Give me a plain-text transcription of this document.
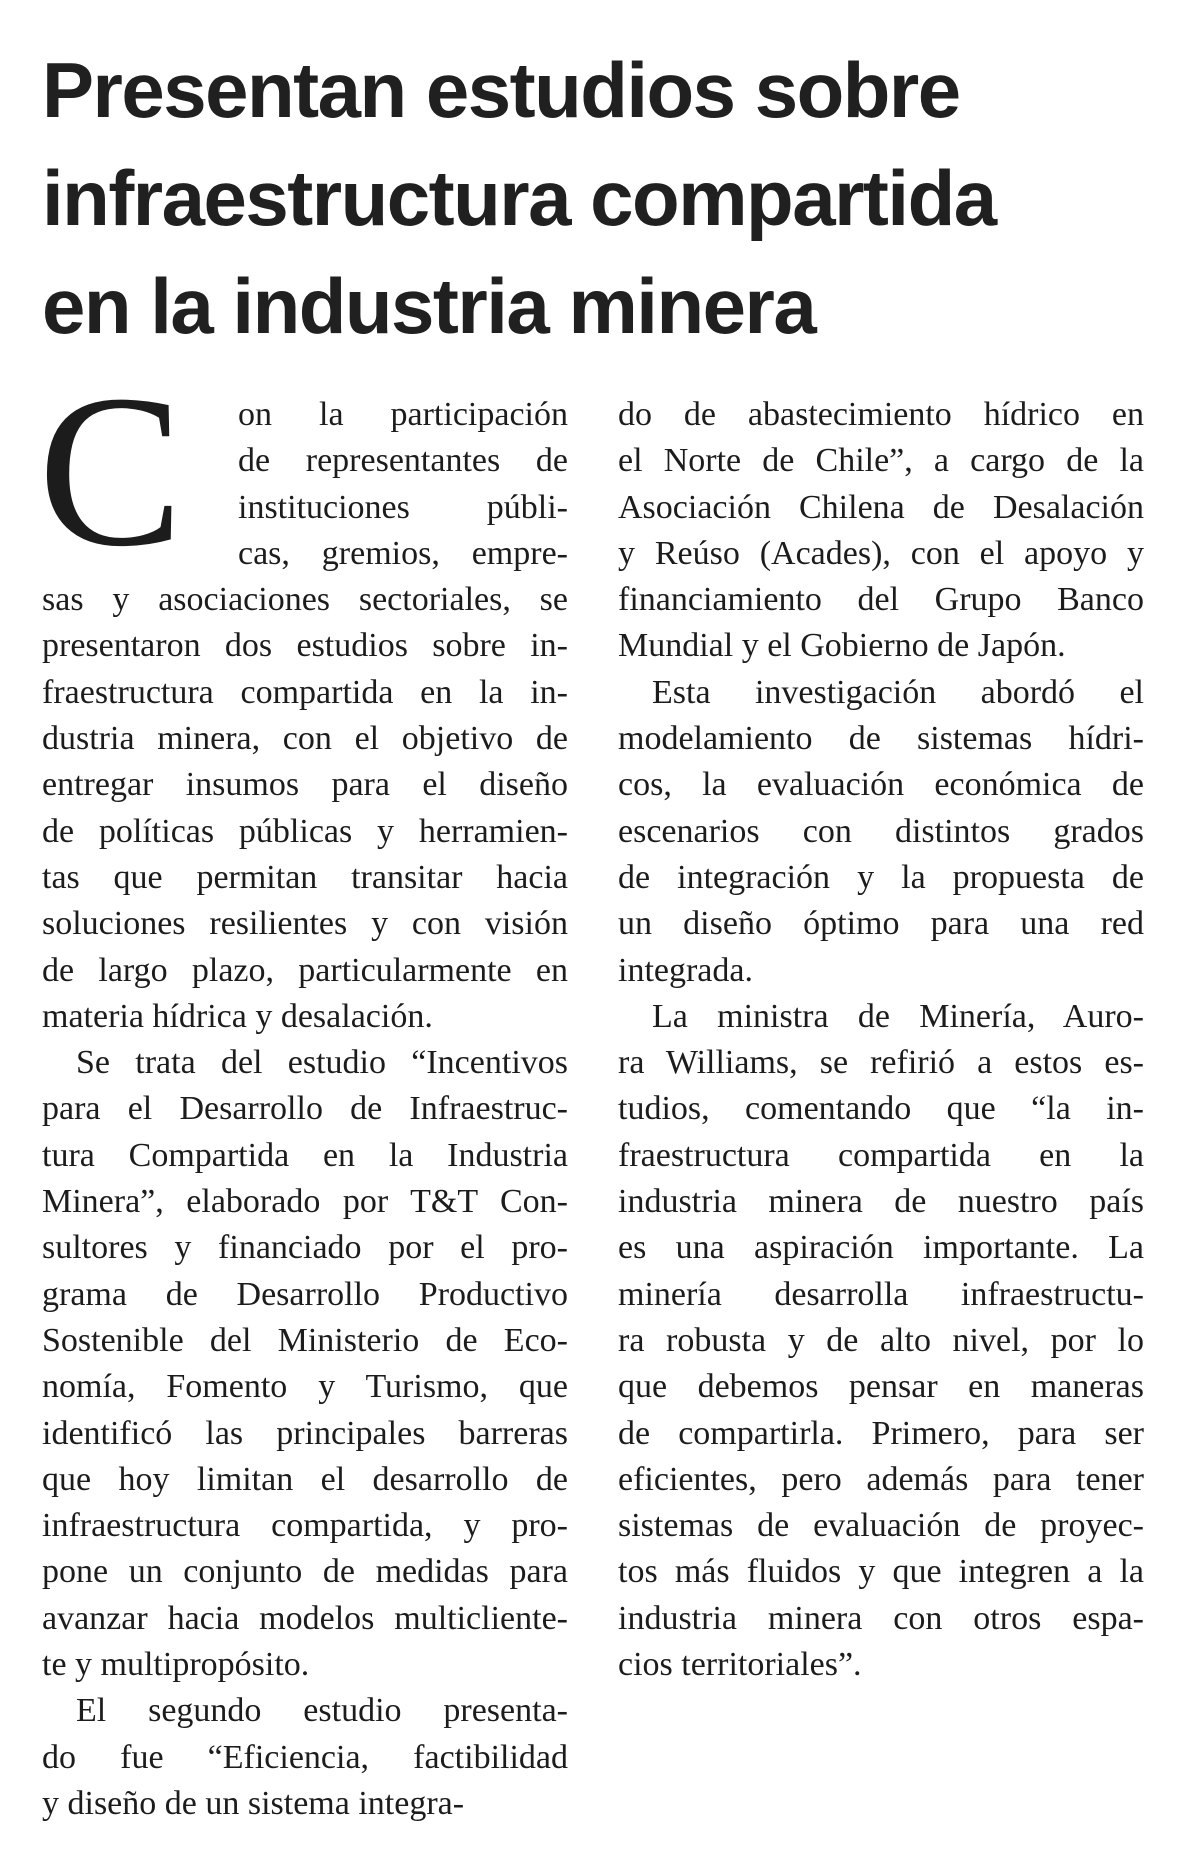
Presentan estudios sobre
infraestructura compartida
en la industria minera
C	on la participación
de representantes de
instituciones públi-
cas, gremios, empre-
sas y asociaciones sectoriales, se
presentaron dos estudios sobre in-
fraestructura compartida en la in-
dustria minera, con el objetivo de
entregar insumos para el diseño
de políticas públicas y herramien-
tas que permitan transitar hacia
soluciones resilientes y con visión
de largo plazo, particularmente en
materia hídrica y desalación.
Se trata del estudio “Incentivos
para el Desarrollo de Infraestruc-
tura Compartida en la Industria
Minera”, elaborado por T&T Con-
sultores y financiado por el pro-
grama de Desarrollo Productivo
Sostenible del Ministerio de Eco-
nomía, Fomento y Turismo, que
identificó las principales barreras
que hoy limitan el desarrollo de
infraestructura compartida, y pro-
pone un conjunto de medidas para
avanzar hacia modelos multicliente-
te y multipropósito.
El segundo estudio presenta-
do fue “Eficiencia, factibilidad
y diseño de un sistema integra-
do de abastecimiento hídrico en
el Norte de Chile”, a cargo de la
Asociación Chilena de Desalación
y Reúso (Acades), con el apoyo y
financiamiento del Grupo Banco
Mundial y el Gobierno de Japón.
Esta investigación abordó el
modelamiento de sistemas hídri-
cos, la evaluación económica de
escenarios con distintos grados
de integración y la propuesta de
un diseño óptimo para una red
integrada.
La ministra de Minería, Auro-
ra Williams, se refirió a estos es-
tudios, comentando que “la in-
fraestructura compartida en la
industria minera de nuestro país
es una aspiración importante. La
minería desarrolla infraestructu-
ra robusta y de alto nivel, por lo
que debemos pensar en maneras
de compartirla. Primero, para ser
eficientes, pero además para tener
sistemas de evaluación de proyec-
tos más fluidos y que integren a la
industria minera con otros espa-
cios territoriales”.
